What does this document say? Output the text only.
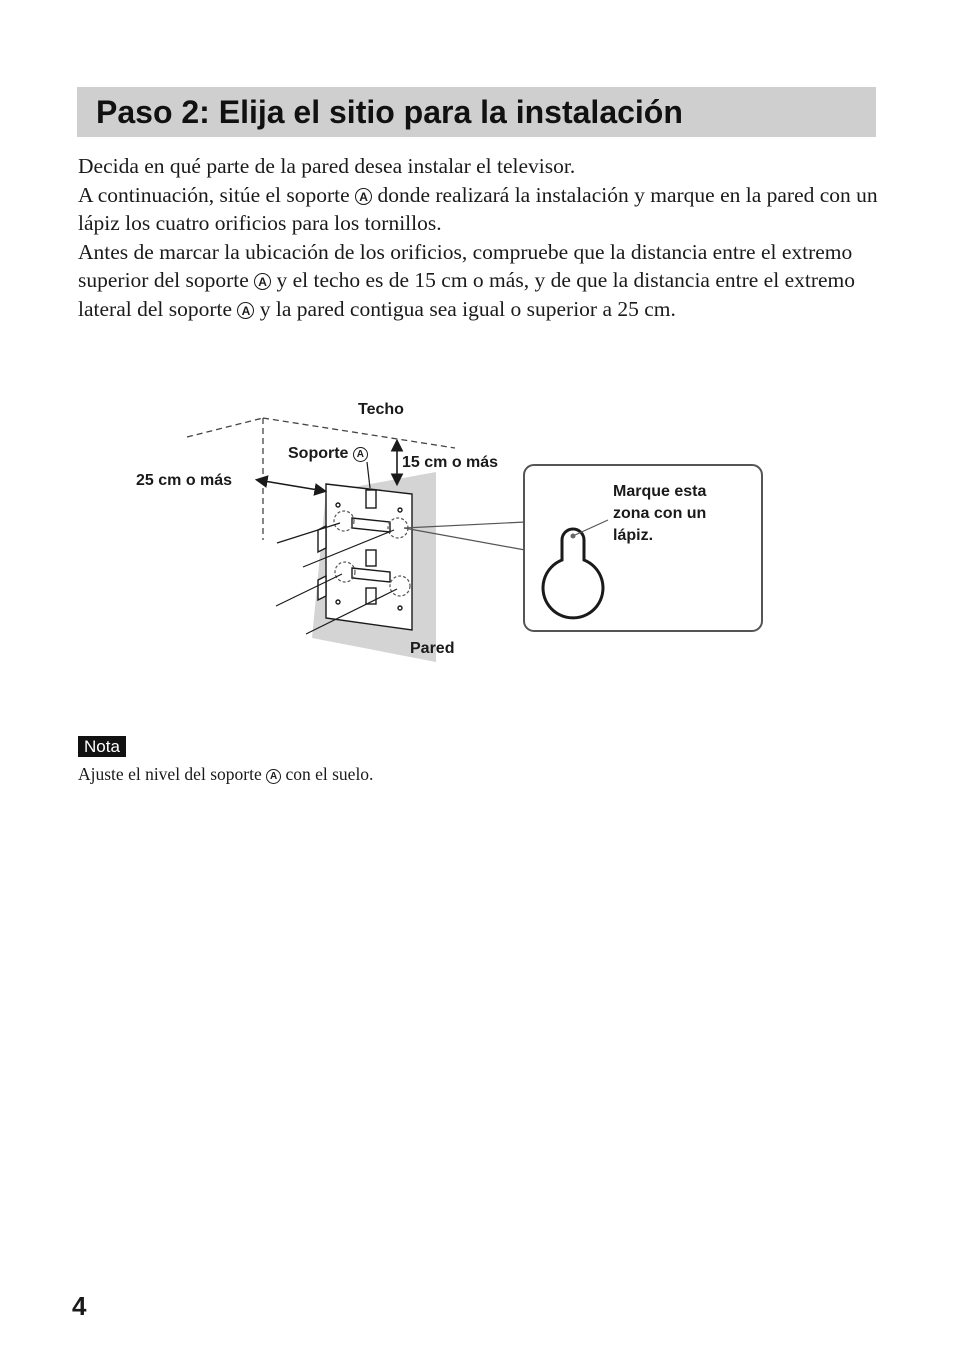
Paso 2: Elija el sitio para la instalación

Decida en qué parte de la pared desea instalar el televisor.

A continuación, sitúe el soporte A donde realizará la instalación y marque en la pared con un lápiz los cuatro orificios para los tornillos.

Antes de marcar la ubicación de los orificios, compruebe que la distancia entre el extremo superior del soporte A y el techo es de 15 cm o más, y de que la distancia entre el extremo lateral del soporte A y la pared contigua sea igual o superior a 25 cm.

Techo
Soporte A
25 cm o más
15 cm o más
Pared
Marque esta
zona con un
lápiz.
Nota
Ajuste el nivel del soporte A con el suelo.
4
